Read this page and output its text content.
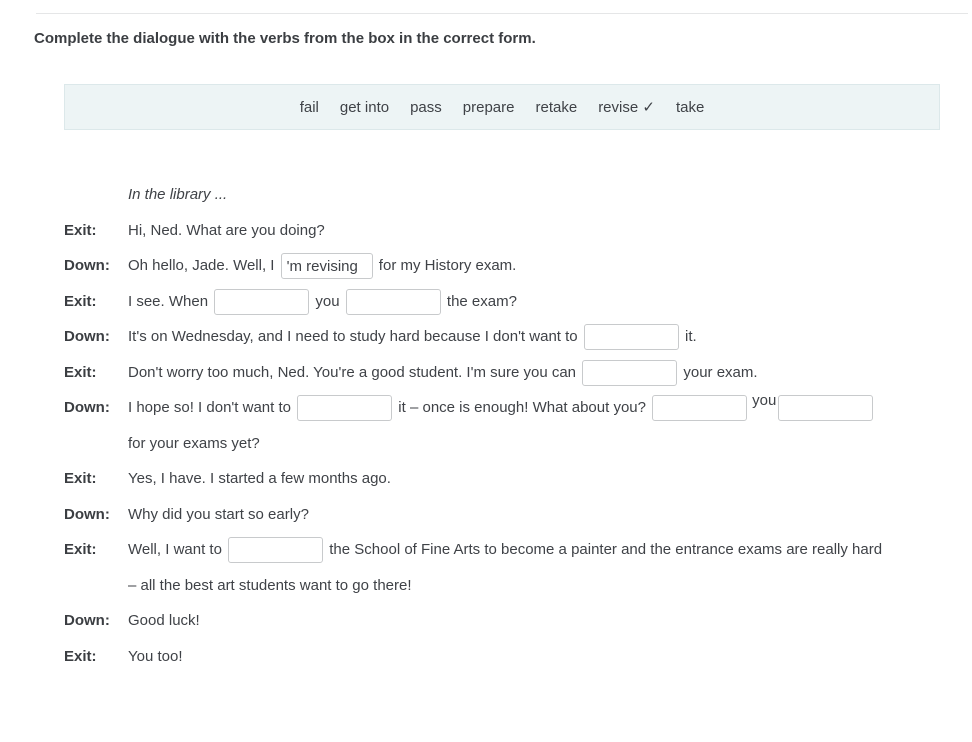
Complete the dialogue with the verbs from the box in the correct form.
fail get into pass prepare retake revise ✓ take
In the library ...
Exit:	Hi, Ned. What are you doing?
Down:	Oh hello, Jade. Well, I 'm revising	for my History exam.
Exit:	I see. When	you	the exam?
Down:	It's on Wednesday, and I need to study hard because I don't want to	it.
Exit:	Don't worry too much, Ned. You're a good student. I'm sure you can	your exam.
Down:	I hope so! I don't want to	it – once is enough! What about you?	you
for your exams yet?
Exit:	Yes, I have. I started a few months ago.
Down:	Why did you start so early?
Exit:	Well, I want to	the School of Fine Arts to become a painter and the entrance exams are really hard
– all the best art students want to go there!
Down:	Good luck!
Exit:	You too!
